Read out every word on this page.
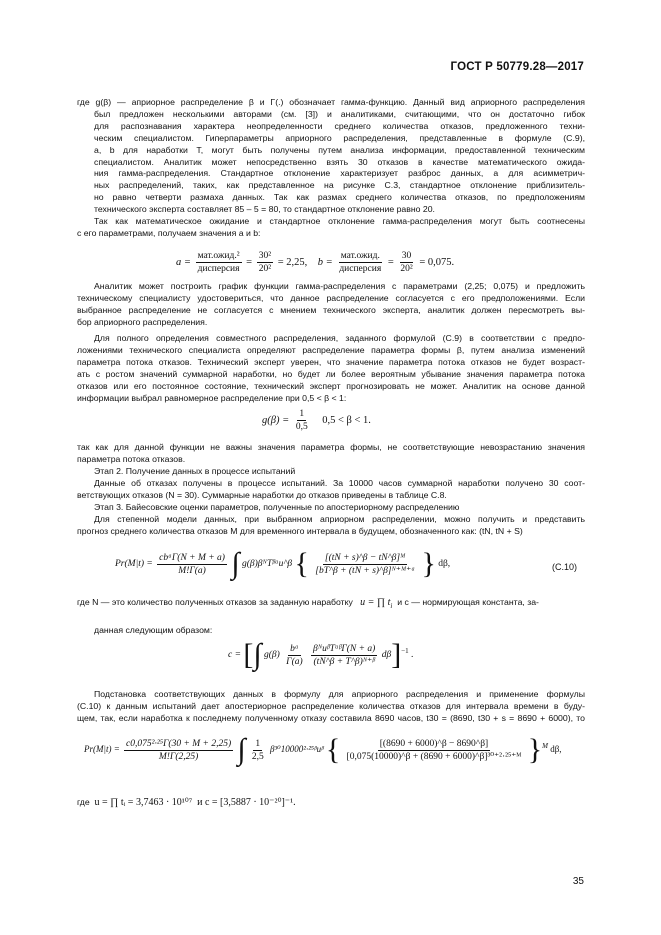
ГОСТ Р 50779.28—2017
где g(β) — априорное распределение β и Γ(.) обозначает гамма-функцию. Данный вид априорного распределения
был предложен несколькими авторами (см. [3]) и аналитиками, считающими, что он достаточно гибок
для распознавания характера неопределенности среднего количества отказов, предложенного техни-
ческим специалистом. Гиперпараметры априорного распределения, представленные в формуле (С.9),
a, b для наработки T, могут быть получены путем анализа информации, предоставленной техническим
специалистом. Аналитик может непосредственно взять 30 отказов в качестве математического ожида-
ния гамма-распределения. Стандартное отклонение характеризует разброс данных, а для асимметрич-
ных распределений, таких, как представленное на рисунке С.3, стандартное отклонение приблизитель-
но равно четверти размаха данных. Так как размах среднего количества отказов, по предположениям
технического эксперта составляет 85 – 5 = 80, то стандартное отклонение равно 20.
Так как математическое ожидание и стандартное отклонение гамма-распределения могут быть соотнесены
с его параметрами, получаем значения a и b:
$a = \frac{\text{мат.ожид.²}}{\text{дисперсия}} = \frac{\text{30²}}{\text{20²}} = 2,25$, $b = \frac{\text{мат.ожид.}}{\text{дисперсия}} = \frac{30}{\text{20²}} = 0,075$.
Аналитик может построить график функции гамма-распределения с параметрами (2,25; 0,075) и предложить
техническому специалисту удостовериться, что данное распределение согласуется с его предположениями. Если
выбранное распределение не согласуется с мнением технического эксперта, аналитик должен пересмотреть вы-
бор априорного распределения.
Для полного определения совместного распределения, заданного формулой (С.9) в соответствии с предпо-
ложениями технического специалиста определяют распределение параметра формы β, путем анализа изменений
параметра потока отказов. Технический эксперт уверен, что значение параметра потока отказов не будет возраст-
ать с ростом значений суммарной наработки, но будет ли более вероятным убывание значения параметра потока
отказов или его постоянное состояние, технический эксперт прогнозировать не может. Аналитик на основе данной
информации выбрал равномерное распределение при 0,5 < β < 1:
$g(\beta) = \frac{1}{0,5} 0,5 < \beta < 1$.
так как для данной функции не важны значения параметра формы, не соответствующие невозрастанию значения
параметра потока отказов.
Этап 2. Получение данных в процессе испытаний
Данные об отказах получены в процессе испытаний. За 10000 часов суммарной наработки получено 30 соот-
ветствующих отказов (N = 30). Суммарные наработки до отказов приведены в таблице С.8.
Этап 3. Байесовские оценки параметров, полученные по апостериорному распределению
Для степенной модели данных, при выбранном априорном распределении, можно получить и представить
прогноз среднего количества отказов M для временного интервала в будущем, обозначенного как: (tN, tN + S)
$Pr(M|t) = \frac{\text{cbᵃΓ(N + M + a)}}{M!\Gamma(a)}$ ∫ g(β)βᴺTᵝᵃu^β { $\frac{\text{[(tN + s)\textasciicircum{}β − tN\textasciicircum{}β]ᴹ}}{\text{[bT\textasciicircum{}β + (tN + s)\textasciicircum{}β]ᴺ⁺ᴹ⁺ᵃ}}$ } dβ,	(C.10)
где N — это количество полученных отказов за заданную наработку u = ∏ $t_i$ и c — нормирующая константа, за-
данная следующим образом:
c = [∫ $g(\beta) \frac{\text{bᵃ}}{\Gamma(a)}$
$\frac{\text{βᴺuᵝTᵃᵝΓ(N + a)}}{\text{(tN\textasciicircum{}β + T\textasciicircum{}β)ᴺ⁺ᵝ}} d\beta]^{-1}$ .
Подстановка соответствующих данных в формулу для априорного распределения и применение формулы
(С.10) к данным испытаний дает апостериорное распределение количества отказов для интервала времени в буду-
щем, так, если наработка к последнему полученному отказу составила 8690 часов, t30 = (8690, t30 + s = 8690 + 6000), то
$Pr(M|t) = \frac{\text{c0,075²·²⁵Γ(30 + M + 2,25)}}{M!\Gamma(2,25)}$ ∫ $\frac{1}{2,5}$ β³⁰10000²·²⁵ᵝuᵝ { $\frac{[(8690 + 6000)\^{}\beta - 8690\^{}\beta]}{\text{[0,075(10000)\textasciicircum{}β + (8690 + 6000)\textasciicircum{}β]³⁰⁺²·²⁵⁺ᴹ}} \}^M$ dβ,
где u = ∏ tᵢ = 3,7463 · 10¹⁰⁷ и c = [3,5887 · 10⁻²⁰]⁻¹.
35
